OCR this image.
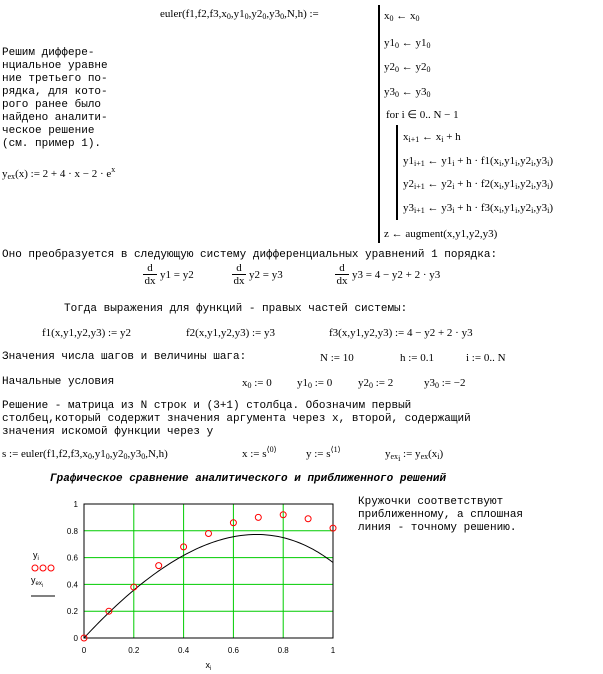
$euler(f1,f2,f3,x_0,y1_0,y2_0,y3_0,N,h)$ :=	$x_0$ ← $x_0$
$y1_0$ ← $y1_0$
$y2_0$ ← $y2_0$
$y3_0$ ← $y3_0$
for i ∈ 0.. N − 1
$x_{i+1}$ ← $x_i + h$
$y1_{i+1}$ ← $y1_i + h \cdot f1(x_i,y1_i,y2_i,y3_i)$
$y2_{i+1}$ ← $y2_i + h \cdot f2(x_i,y1_i,y2_i,y3_i)$
$y3_{i+1}$ ← $y3_i + h \cdot f3(x_i,y1_i,y2_i,y3_i)$
z ← augment(x,y1,y2,y3)
Решим диффере-
нциальное уравне
ние третьего по-
рядка, для кото-
рого ранее было
найдено аналити-
ческое решение
(см. пример 1).
$y_{ex}(x)$ := $2 + 4 \cdot x - 2 \cdot e^x$
Оно преобразуется в следующую систему дифференциальных уравнений 1 порядка:
d
dx y1 = y2
d
dx y2 = y3
d
dx y3 = 4 − y2 + 2 · y3
Тогда выражения для функций - правых частей системы:
f1(x,y1,y2,y3) := y2	f2(x,y1,y2,y3) := y3	f3(x,y1,y2,y3) := 4 − y2 + 2 · y3
Значения числа шагов и величины шага:	N := 10	h := 0.1	i := 0.. N
Начальные условия	$x_0$ := 0 $y1_0$ := 0 $y2_0$ := 2	$y3_0$ := −2
Решение - матрица из N строк и (3+1) столбца. Обозначим первый
столбец,который содержит значения аргумента через x, второй, содержащий
значения искомой функции через y
s := $euler(f1,f2,f3,x_0,y1_0,y2_0,y3_0,N,h)$	x := $s^{⟨0⟩}$	y := $s^{⟨1⟩}$	$y_{ex_i}$ := $y_{ex}(x_i)$
Графическое сравнение аналитического и приближенного решений
Кружочки соответствуют
приближенному, а сплошная
линия - точному решению.
0	0.2	0.4	0.6	0.8	1
0
0.2
0.4
0.6
0.8
1
$x_i$
$y_i$
$y_{exi}$
